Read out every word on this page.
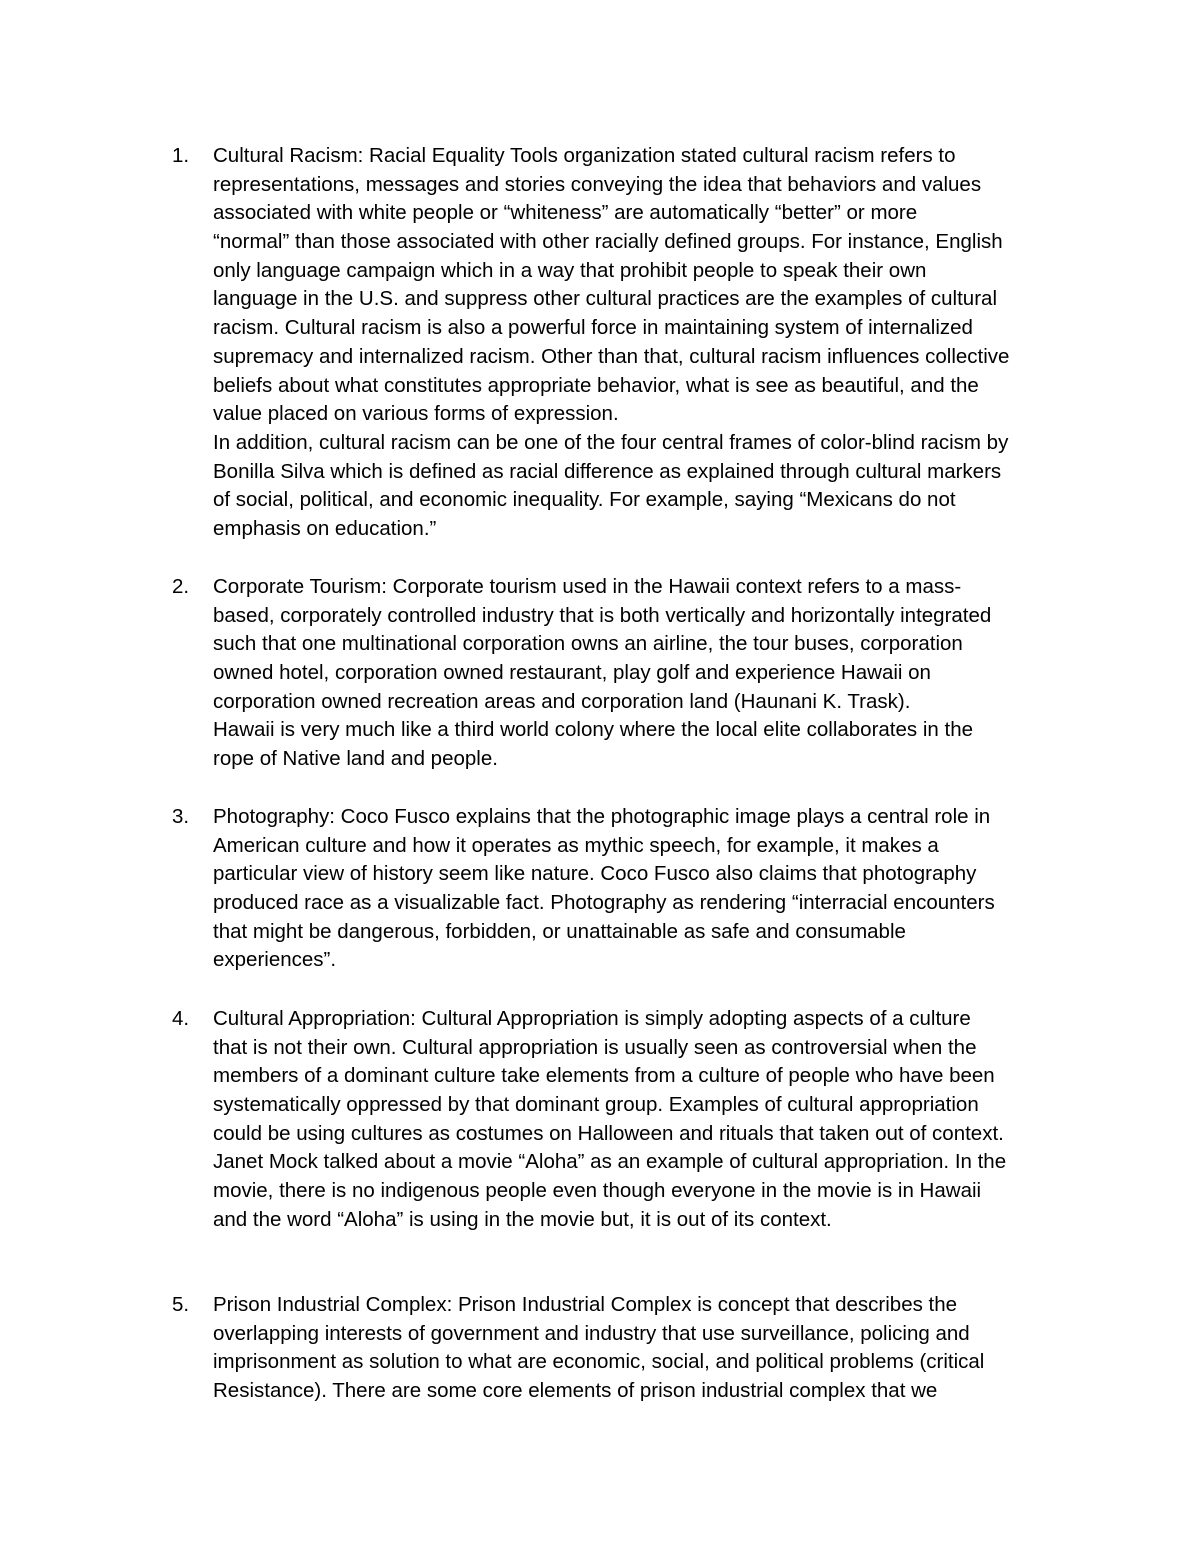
1.	Cultural Racism: Racial Equality Tools organization stated cultural racism refers to
representations, messages and stories conveying the idea that behaviors and values
associated with white people or “whiteness” are automatically “better” or more
“normal” than those associated with other racially defined groups. For instance, English
only language campaign which in a way that prohibit people to speak their own
language in the U.S. and suppress other cultural practices are the examples of cultural
racism. Cultural racism is also a powerful force in maintaining system of internalized
supremacy and internalized racism. Other than that, cultural racism influences collective
beliefs about what constitutes appropriate behavior, what is see as beautiful, and the
value placed on various forms of expression.
In addition, cultural racism can be one of the four central frames of color-blind racism by
Bonilla Silva which is defined as racial difference as explained through cultural markers
of social, political, and economic inequality. For example, saying “Mexicans do not
emphasis on education.”
2.	Corporate Tourism: Corporate tourism used in the Hawaii context refers to a mass-
based, corporately controlled industry that is both vertically and horizontally integrated
such that one multinational corporation owns an airline, the tour buses, corporation
owned hotel, corporation owned restaurant, play golf and experience Hawaii on
corporation owned recreation areas and corporation land (Haunani K. Trask).
Hawaii is very much like a third world colony where the local elite collaborates in the
rope of Native land and people.
3.	Photography: Coco Fusco explains that the photographic image plays a central role in
American culture and how it operates as mythic speech, for example, it makes a
particular view of history seem like nature. Coco Fusco also claims that photography
produced race as a visualizable fact. Photography as rendering “interracial encounters
that might be dangerous, forbidden, or unattainable as safe and consumable
experiences”.
4.	Cultural Appropriation: Cultural Appropriation is simply adopting aspects of a culture
that is not their own. Cultural appropriation is usually seen as controversial when the
members of a dominant culture take elements from a culture of people who have been
systematically oppressed by that dominant group. Examples of cultural appropriation
could be using cultures as costumes on Halloween and rituals that taken out of context.
Janet Mock talked about a movie “Aloha” as an example of cultural appropriation. In the
movie, there is no indigenous people even though everyone in the movie is in Hawaii
and the word “Aloha” is using in the movie but, it is out of its context.
5.	Prison Industrial Complex: Prison Industrial Complex is concept that describes the
overlapping interests of government and industry that use surveillance, policing and
imprisonment as solution to what are economic, social, and political problems (critical
Resistance). There are some core elements of prison industrial complex that we
